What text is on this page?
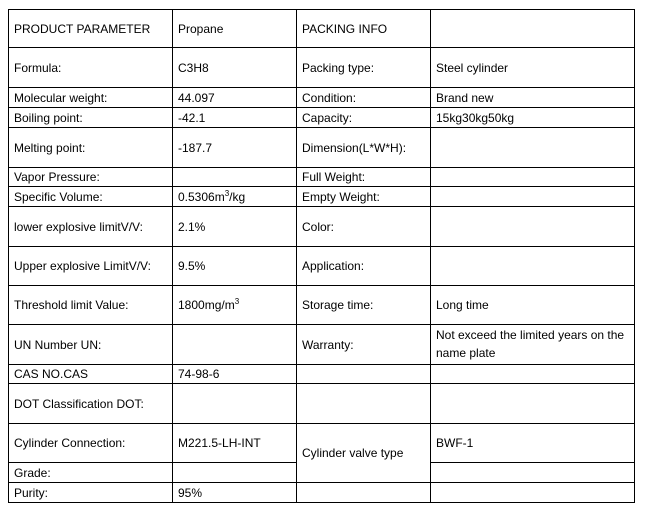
PRODUCT PARAMETER	Propane	PACKING INFO	
Formula:	C3H8	Packing type:	Steel cylinder
Molecular weight:	44.097	Condition:	Brand new
Boiling point:	-42.1	Capacity:	15kg30kg50kg
Melting point:	-187.7	Dimension(L*W*H):	
Vapor Pressure:		Full Weight:	
Specific Volume:	$0.5306m^3/kg$	Empty Weight:	
lower explosive limitV/V:	2.1%	Color:	
Upper explosive LimitV/V:	9.5%	Application:	
Threshold limit Value:	$1800mg/m^3$	Storage time:	Long time
UN Number UN:		Warranty:	Not exceed the limited years on the name plate
CAS NO.CAS	74-98-6		
DOT Classification DOT:			
Cylinder Connection:	M221.5-LH-INT	Cylinder valve type	BWF-1
Grade:			
Purity:	95%		
